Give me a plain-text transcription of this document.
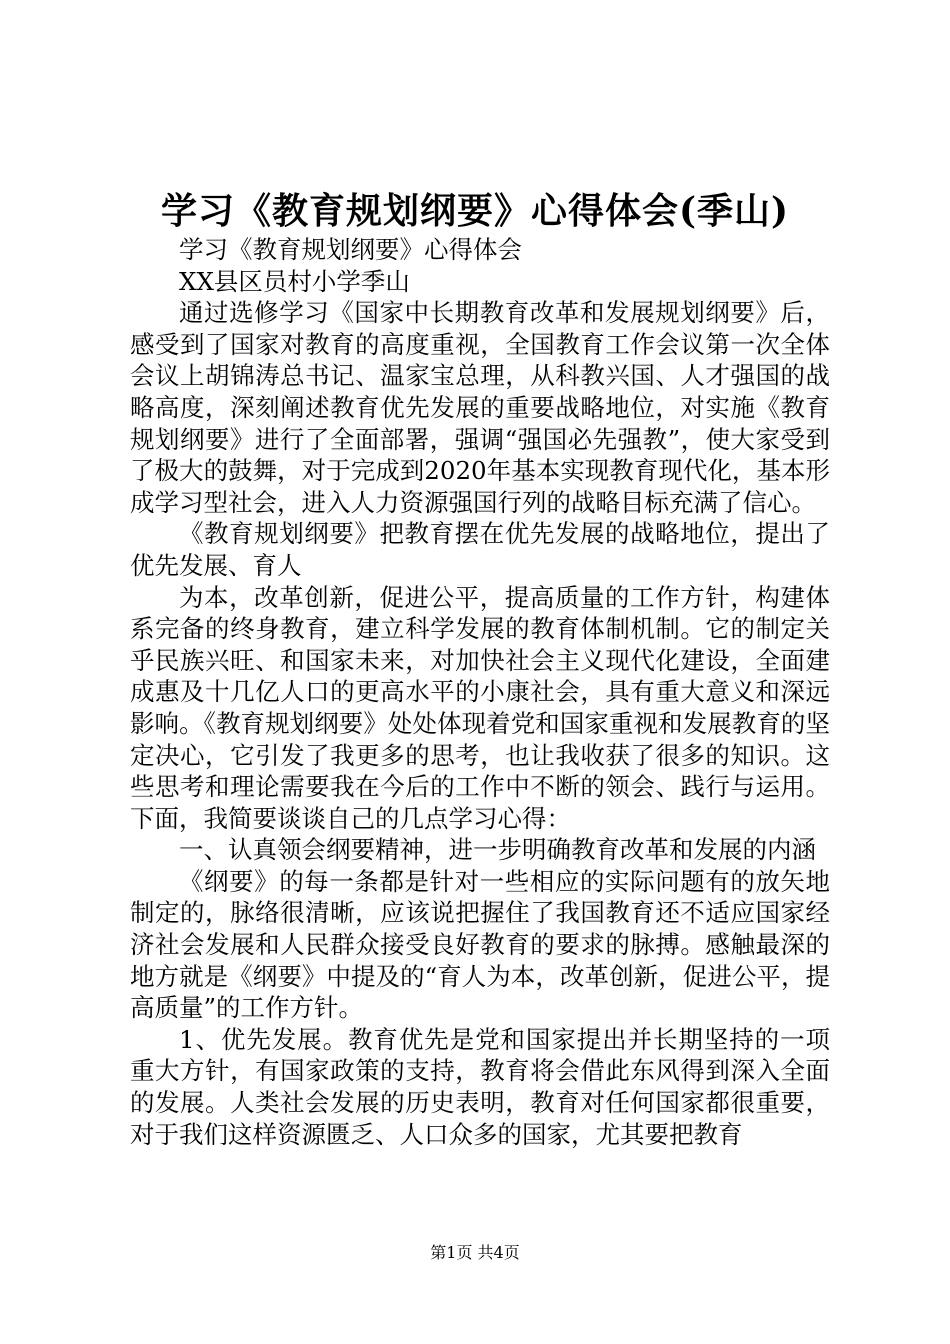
学习《教育规划纲要》心得体会(季山)

学习《教育规划纲要》心得体会

XX县区员村小学季山

通过选修学习《国家中长期教育改革和发展规划纲要》后，感受到了国家对教育的高度重视，全国教育工作会议第一次全体会议上胡锦涛总书记、温家宝总理，从科教兴国、人才强国的战略高度，深刻阐述教育优先发展的重要战略地位，对实施《教育规划纲要》进行了全面部署，强调“强国必先强教”，使大家受到了极大的鼓舞，对于完成到2020年基本实现教育现代化，基本形成学习型社会，进入人力资源强国行列的战略目标充满了信心。

《教育规划纲要》把教育摆在优先发展的战略地位，提出了优先发展、育人

为本，改革创新，促进公平，提高质量的工作方针，构建体系完备的终身教育，建立科学发展的教育体制机制。它的制定关乎民族兴旺、和国家未来，对加快社会主义现代化建设，全面建成惠及十几亿人口的更高水平的小康社会，具有重大意义和深远影响。《教育规划纲要》处处体现着党和国家重视和发展教育的坚定决心，它引发了我更多的思考，也让我收获了很多的知识。这些思考和理论需要我在今后的工作中不断的领会、践行与运用。下面，我简要谈谈自己的几点学习心得：

一、认真领会纲要精神，进一步明确教育改革和发展的内涵

《纲要》的每一条都是针对一些相应的实际问题有的放矢地制定的，脉络很清晰，应该说把握住了我国教育还不适应国家经济社会发展和人民群众接受良好教育的要求的脉搏。感触最深的地方就是《纲要》中提及的“育人为本，改革创新，促进公平，提高质量”的工作方针。

1、优先发展。教育优先是党和国家提出并长期坚持的一项重大方针，有国家政策的支持，教育将会借此东风得到深入全面的发展。人类社会发展的历史表明，教育对任何国家都很重要，对于我们这样资源匮乏、人口众多的国家，尤其要把教育

第1页 共4页
